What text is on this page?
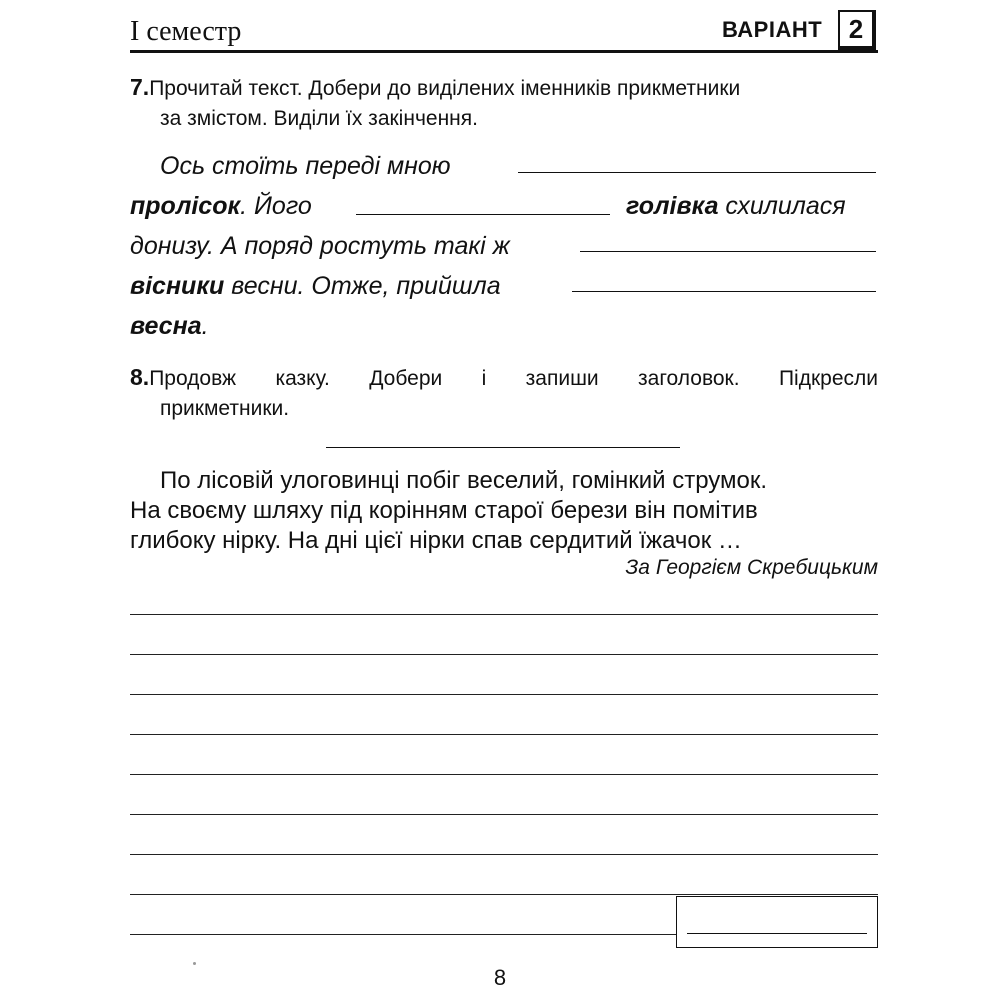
I семестр	ВАРІАНТ	2
7.Прочитай текст. Добери до виділених іменників прикметники
за змістом. Виділи їх закінчення.
Ось стоїть переді мною
пролісок. Його	голівка схилилася
донизу. А поряд ростуть такі ж
вісники весни. Отже, прийшла
весна.
8.Продовж казку. Добери і запиши заголовок. Підкресли
прикметники.

По лісовій улоговинці побіг веселий, гомінкий струмок.

На своєму шляху під корінням старої берези він помітив

глибоку нірку. На дні цієї нірки спав сердитий їжачок …

За Георгієм Скребицьким
8
